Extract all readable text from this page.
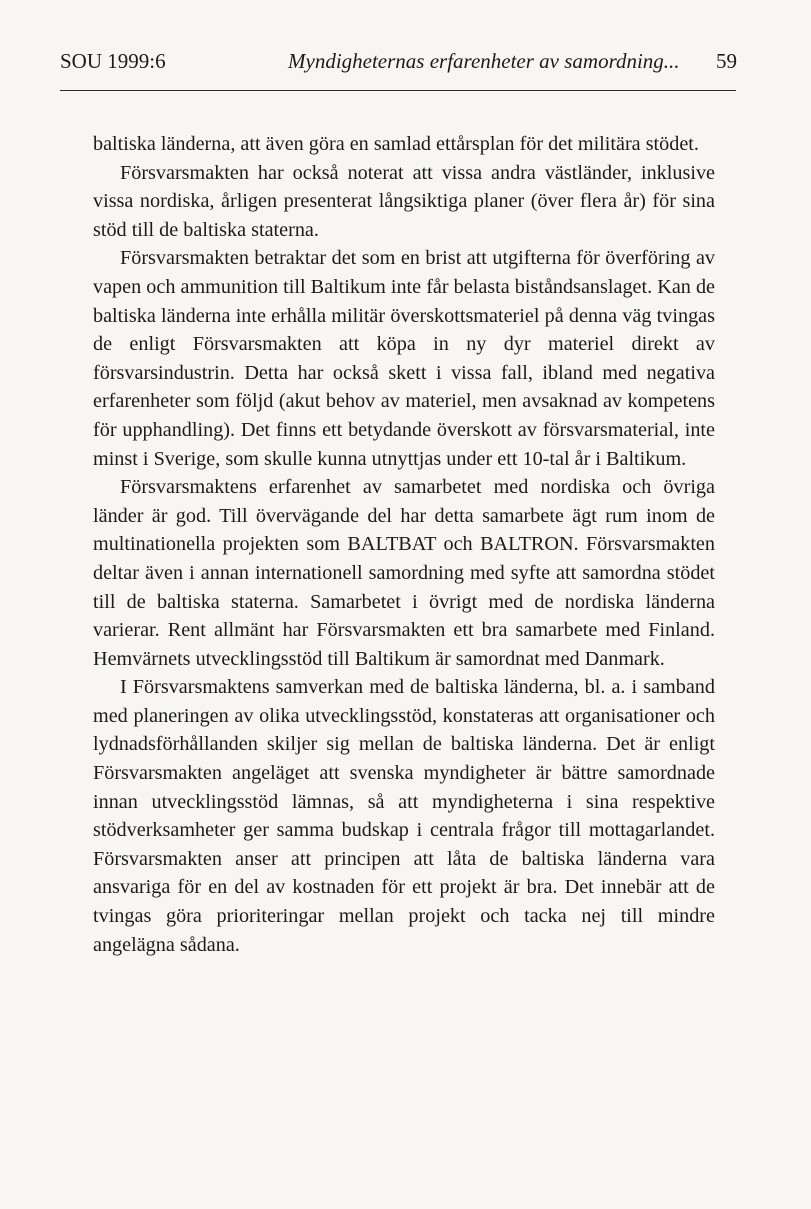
SOU 1999:6	Myndigheternas erfarenheter av samordning... 59

baltiska länderna, att även göra en samlad ettårsplan för det militära stödet.

Försvarsmakten har också noterat att vissa andra västländer, inklusive vissa nordiska, årligen presenterat långsiktiga planer (över flera år) för sina stöd till de baltiska staterna.

Försvarsmakten betraktar det som en brist att utgifterna för överföring av vapen och ammunition till Baltikum inte får belasta biståndsanslaget. Kan de baltiska länderna inte erhålla militär överskottsmateriel på denna väg tvingas de enligt Försvarsmakten att köpa in ny dyr materiel direkt av försvarsindustrin. Detta har också skett i vissa fall, ibland med negativa erfarenheter som följd (akut behov av materiel, men avsaknad av kompetens för upphandling). Det finns ett betydande överskott av försvarsmaterial, inte minst i Sverige, som skulle kunna utnyttjas under ett 10-tal år i Baltikum.

Försvarsmaktens erfarenhet av samarbetet med nordiska och övriga länder är god. Till övervägande del har detta samarbete ägt rum inom de multinationella projekten som BALTBAT och BALTRON. Försvarsmakten deltar även i annan internationell samordning med syfte att samordna stödet till de baltiska staterna. Samarbetet i övrigt med de nordiska länderna varierar. Rent allmänt har Försvarsmakten ett bra samarbete med Finland. Hemvärnets utvecklingsstöd till Baltikum är samordnat med Danmark.

I Försvarsmaktens samverkan med de baltiska länderna, bl. a. i samband med planeringen av olika utvecklingsstöd, konstateras att organisationer och lydnadsförhållanden skiljer sig mellan de baltiska länderna. Det är enligt Försvarsmakten angeläget att svenska myndigheter är bättre samordnade innan utvecklingsstöd lämnas, så att myndigheterna i sina respektive stödverksamheter ger samma budskap i centrala frågor till mottagarlandet. Försvarsmakten anser att principen att låta de baltiska länderna vara ansvariga för en del av kostnaden för ett projekt är bra. Det innebär att de tvingas göra prioriteringar mellan projekt och tacka nej till mindre angelägna sådana.
